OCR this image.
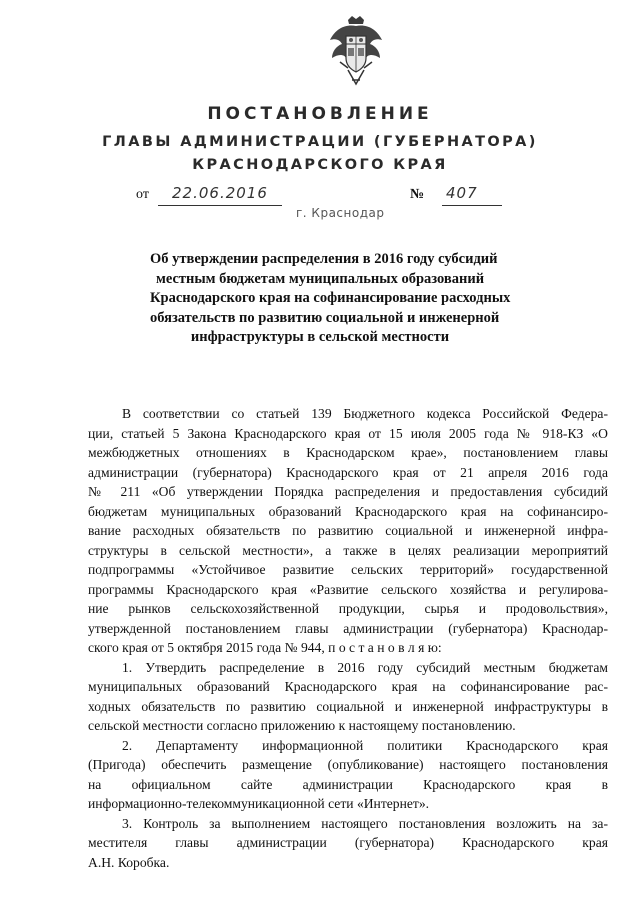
ПОСТАНОВЛЕНИЕ
ГЛАВЫ АДМИНИСТРАЦИИ (ГУБЕРНАТОРА)
КРАСНОДАРСКОГО КРАЯ
от 22.06.2016	№ 407
г. Краснодар
Об утверждении распределения в 2016 году субсидий
местным бюджетам муниципальных образований
Краснодарского края на софинансирование расходных
обязательств по развитию социальной и инженерной
инфраструктуры в сельской местности
В соответствии со статьей 139 Бюджетного кодекса Российской Федера-
ции, статьей 5 Закона Краснодарского края от 15 июля 2005 года № 918-КЗ «О
межбюджетных отношениях в Краснодарском крае», постановлением главы
администрации (губернатора) Краснодарского края от 21 апреля 2016 года
№ 211 «Об утверждении Порядка распределения и предоставления субсидий
бюджетам муниципальных образований Краснодарского края на софинансиро-
вание расходных обязательств по развитию социальной и инженерной инфра-
структуры в сельской местности», а также в целях реализации мероприятий
подпрограммы «Устойчивое развитие сельских территорий» государственной
программы Краснодарского края «Развитие сельского хозяйства и регулирова-
ние рынков сельскохозяйственной продукции, сырья и продовольствия»,
утвержденной постановлением главы администрации (губернатора) Краснодар-
ского края от 5 октября 2015 года № 944, п о с т а н о в л я ю:
1. Утвердить распределение в 2016 году субсидий местным бюджетам
муниципальных образований Краснодарского края на софинансирование рас-
ходных обязательств по развитию социальной и инженерной инфраструктуры в
сельской местности согласно приложению к настоящему постановлению.
2. Департаменту информационной политики Краснодарского края
(Пригода) обеспечить размещение (опубликование) настоящего постановления
на официальном сайте администрации Краснодарского края в
информационно-телекоммуникационной сети «Интернет».
3. Контроль за выполнением настоящего постановления возложить на за-
местителя главы администрации (губернатора) Краснодарского края
А.Н. Коробка.
